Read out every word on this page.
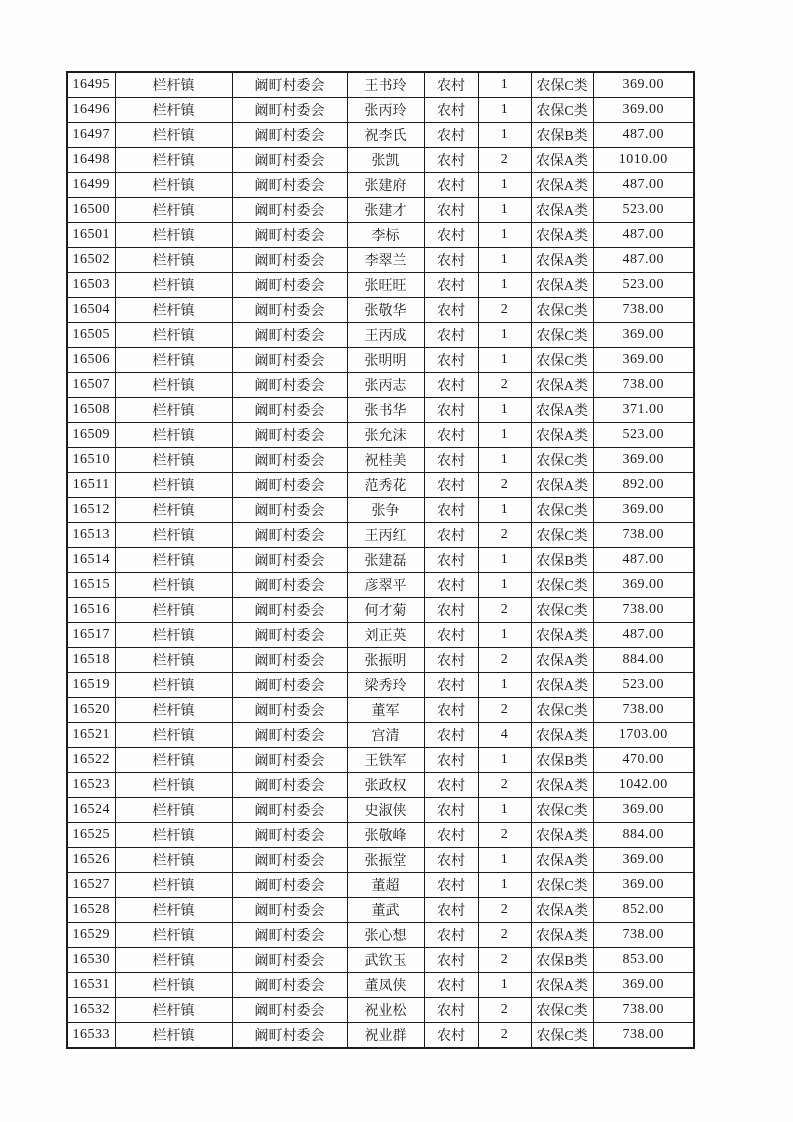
16495	栏杆镇	阚町村委会	王书玲	农村	1	农保C类	369.00
16496	栏杆镇	阚町村委会	张丙玲	农村	1	农保C类	369.00
16497	栏杆镇	阚町村委会	祝李氏	农村	1	农保B类	487.00
16498	栏杆镇	阚町村委会	张凯	农村	2	农保A类	1010.00
16499	栏杆镇	阚町村委会	张建府	农村	1	农保A类	487.00
16500	栏杆镇	阚町村委会	张建才	农村	1	农保A类	523.00
16501	栏杆镇	阚町村委会	李标	农村	1	农保A类	487.00
16502	栏杆镇	阚町村委会	李翠兰	农村	1	农保A类	487.00
16503	栏杆镇	阚町村委会	张旺旺	农村	1	农保A类	523.00
16504	栏杆镇	阚町村委会	张敬华	农村	2	农保C类	738.00
16505	栏杆镇	阚町村委会	王丙成	农村	1	农保C类	369.00
16506	栏杆镇	阚町村委会	张明明	农村	1	农保C类	369.00
16507	栏杆镇	阚町村委会	张丙志	农村	2	农保A类	738.00
16508	栏杆镇	阚町村委会	张书华	农村	1	农保A类	371.00
16509	栏杆镇	阚町村委会	张允沫	农村	1	农保A类	523.00
16510	栏杆镇	阚町村委会	祝桂美	农村	1	农保C类	369.00
16511	栏杆镇	阚町村委会	范秀花	农村	2	农保A类	892.00
16512	栏杆镇	阚町村委会	张争	农村	1	农保C类	369.00
16513	栏杆镇	阚町村委会	王丙红	农村	2	农保C类	738.00
16514	栏杆镇	阚町村委会	张建磊	农村	1	农保B类	487.00
16515	栏杆镇	阚町村委会	彦翠平	农村	1	农保C类	369.00
16516	栏杆镇	阚町村委会	何才菊	农村	2	农保C类	738.00
16517	栏杆镇	阚町村委会	刘正英	农村	1	农保A类	487.00
16518	栏杆镇	阚町村委会	张振明	农村	2	农保A类	884.00
16519	栏杆镇	阚町村委会	梁秀玲	农村	1	农保A类	523.00
16520	栏杆镇	阚町村委会	董军	农村	2	农保C类	738.00
16521	栏杆镇	阚町村委会	宫清	农村	4	农保A类	1703.00
16522	栏杆镇	阚町村委会	王铁军	农村	1	农保B类	470.00
16523	栏杆镇	阚町村委会	张政权	农村	2	农保A类	1042.00
16524	栏杆镇	阚町村委会	史淑侠	农村	1	农保C类	369.00
16525	栏杆镇	阚町村委会	张敬峰	农村	2	农保A类	884.00
16526	栏杆镇	阚町村委会	张振堂	农村	1	农保A类	369.00
16527	栏杆镇	阚町村委会	董超	农村	1	农保C类	369.00
16528	栏杆镇	阚町村委会	董武	农村	2	农保A类	852.00
16529	栏杆镇	阚町村委会	张心想	农村	2	农保A类	738.00
16530	栏杆镇	阚町村委会	武钦玉	农村	2	农保B类	853.00
16531	栏杆镇	阚町村委会	董凤侠	农村	1	农保A类	369.00
16532	栏杆镇	阚町村委会	祝业松	农村	2	农保C类	738.00
16533	栏杆镇	阚町村委会	祝业群	农村	2	农保C类	738.00
